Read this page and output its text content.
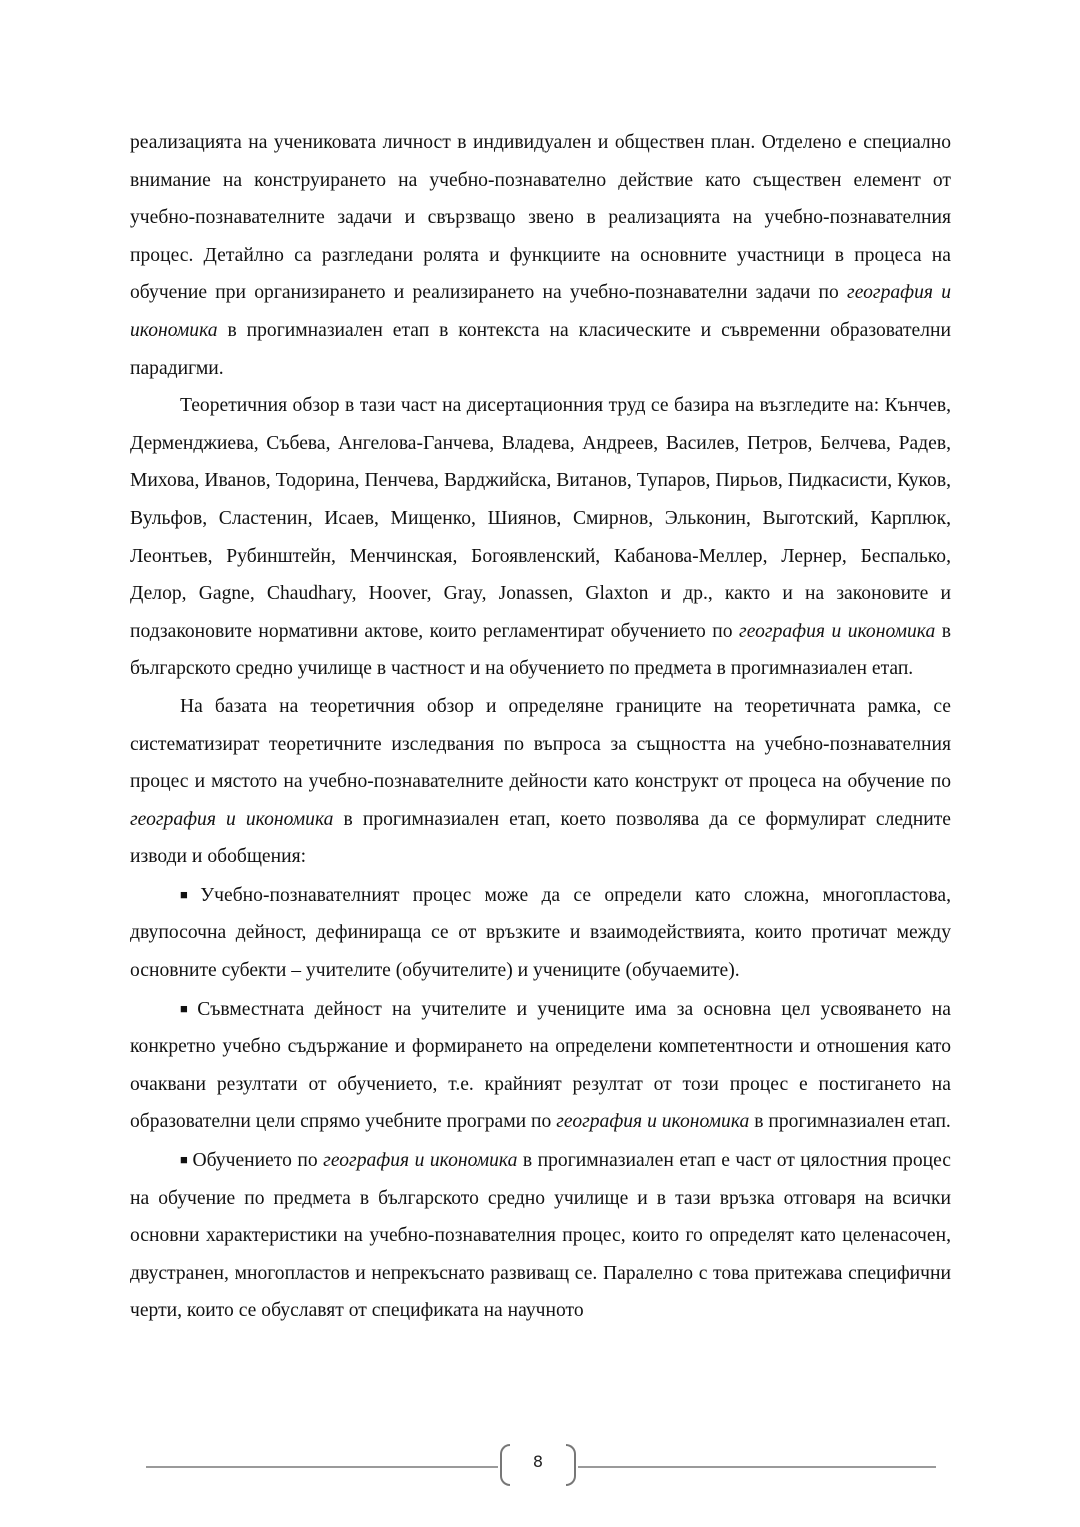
реализацията на учениковата личност в индивидуален и обществен план. Отделено е специално внимание на конструирането на учебно-познавателно действие като съществен елемент от учебно-познавателните задачи и свързващо звено в реализацията на учебно-познавателния процес. Детайлно са разгледани ролята и функциите на основните участници в процеса на обучение при организирането и реализирането на учебно-познавателни задачи по география и икономика в прогимназиален етап в контекста на класическите и съвременни образователни парадигми.

Теоретичния обзор в тази част на дисертационния труд се базира на възгледите на: Кънчев, Дерменджиева, Събева, Ангелова-Ганчева, Владева, Андреев, Василев, Петров, Белчева, Радев, Михова, Иванов, Тодорина, Пенчева, Варджийска, Витанов, Тупаров, Пирьов, Пидкасисти, Куков, Вульфов, Сластенин, Исаев, Мищенко, Шиянов, Смирнов, Эльконин, Выготский, Карплюк, Леонтьев, Рубинштейн, Менчинская, Богоявленский, Кабанова-Меллер, Лернер, Беспалько, Делор, Gagne, Chaudhary, Hoover, Gray, Jonassen, Glaxton и др., както и на законовите и подзаконовите нормативни актове, които регламентират обучението по география и икономика в българското средно училище в частност и на обучението по предмета в прогимназиален етап.

На базата на теоретичния обзор и определяне границите на теоретичната рамка, се систематизират теоретичните изследвания по въпроса за същността на учебно-познавателния процес и мястото на учебно-познавателните дейности като конструкт от процеса на обучение по география и икономика в прогимназиален етап, което позволява да се формулират следните изводи и обобщения:

■ Учебно-познавателният процес може да се определи като сложна, многопластова, двупосочна дейност, дефинираща се от връзките и взаимодействията, които протичат между основните субекти – учителите (обучителите) и учениците (обучаемите).

■ Съвместната дейност на учителите и учениците има за основна цел усвояването на конкретно учебно съдържание и формирането на определени компетентности и отношения като очаквани резултати от обучението, т.е. крайният резултат от този процес е постигането на образователни цели спрямо учебните програми по география и икономика в прогимназиален етап.

■ Обучението по география и икономика в прогимназиален етап е част от цялостния процес на обучение по предмета в българското средно училище и в тази връзка отговаря на всички основни характеристики на учебно-познавателния процес, които го определят като целенасочен, двустранен, многопластов и непрекъснато развиващ се. Паралелно с това притежава специфични черти, които се обуславят от спецификата на научното

8
